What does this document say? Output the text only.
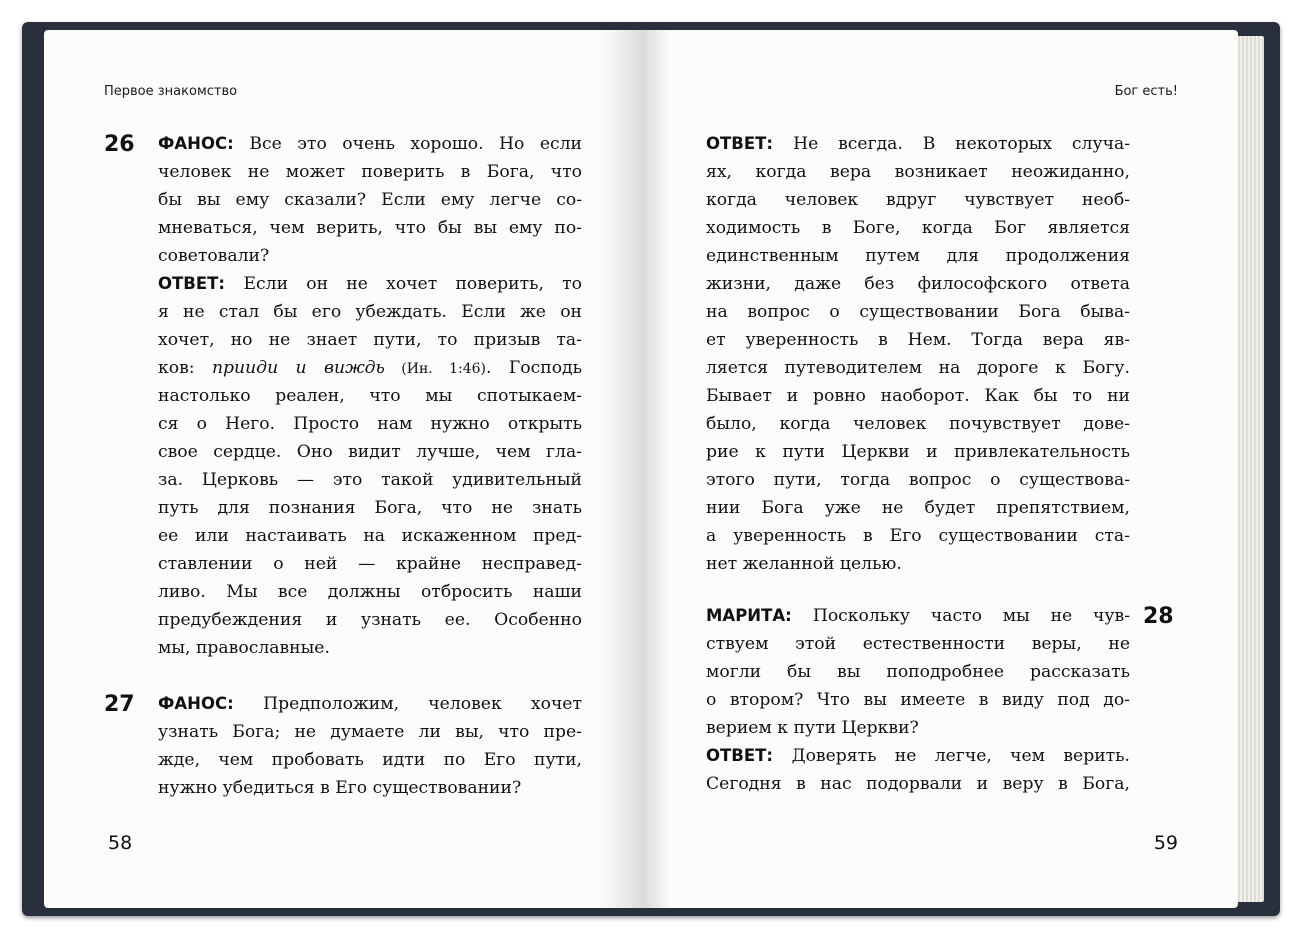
Первое знакомство
26 ФАНОС: Все это очень хорошо. Но если
человек не может поверить в Бога, что
бы вы ему сказали? Если ему легче со-
мневаться, чем верить, что бы вы ему по-
советовали?
ОТВЕТ: Если он не хочет поверить, то
я не стал бы его убеждать. Если же он
хочет, но не знает пути, то призыв та-
ков: прииди и виждь (Ин. 1:46). Господь
настолько реален, что мы спотыкаем-
ся о Него. Просто нам нужно открыть
свое сердце. Оно видит лучше, чем гла-
за. Церковь — это такой удивительный
путь для познания Бога, что не знать
ее или настаивать на искаженном пред-
ставлении о ней — крайне несправед-
ливо. Мы все должны отбросить наши
предубеждения и узнать ее. Особенно
мы, православные.
27 ФАНОС: Предположим, человек хочет
узнать Бога; не думаете ли вы, что пре-
жде, чем пробовать идти по Его пути,
нужно убедиться в Его существовании?
58
Бог есть!
ОТВЕТ: Не всегда. В некоторых случа-
ях, когда вера возникает неожиданно,
когда человек вдруг чувствует необ-
ходимость в Боге, когда Бог является
единственным путем для продолжения
жизни, даже без философского ответа
на вопрос о существовании Бога быва-
ет уверенность в Нем. Тогда вера яв-
ляется путеводителем на дороге к Богу.
Бывает и ровно наоборот. Как бы то ни
было, когда человек почувствует дове-
рие к пути Церкви и привлекательность
этого пути, тогда вопрос о существова-
нии Бога уже не будет препятствием,
а уверенность в Его существовании ста-
нет желанной целью.
28
МАРИТА: Поскольку часто мы не чув-
ствуем этой естественности веры, не
могли бы вы поподробнее рассказать
о втором? Что вы имеете в виду под до-
верием к пути Церкви?
ОТВЕТ: Доверять не легче, чем верить.
Сегодня в нас подорвали и веру в Бога,
59
